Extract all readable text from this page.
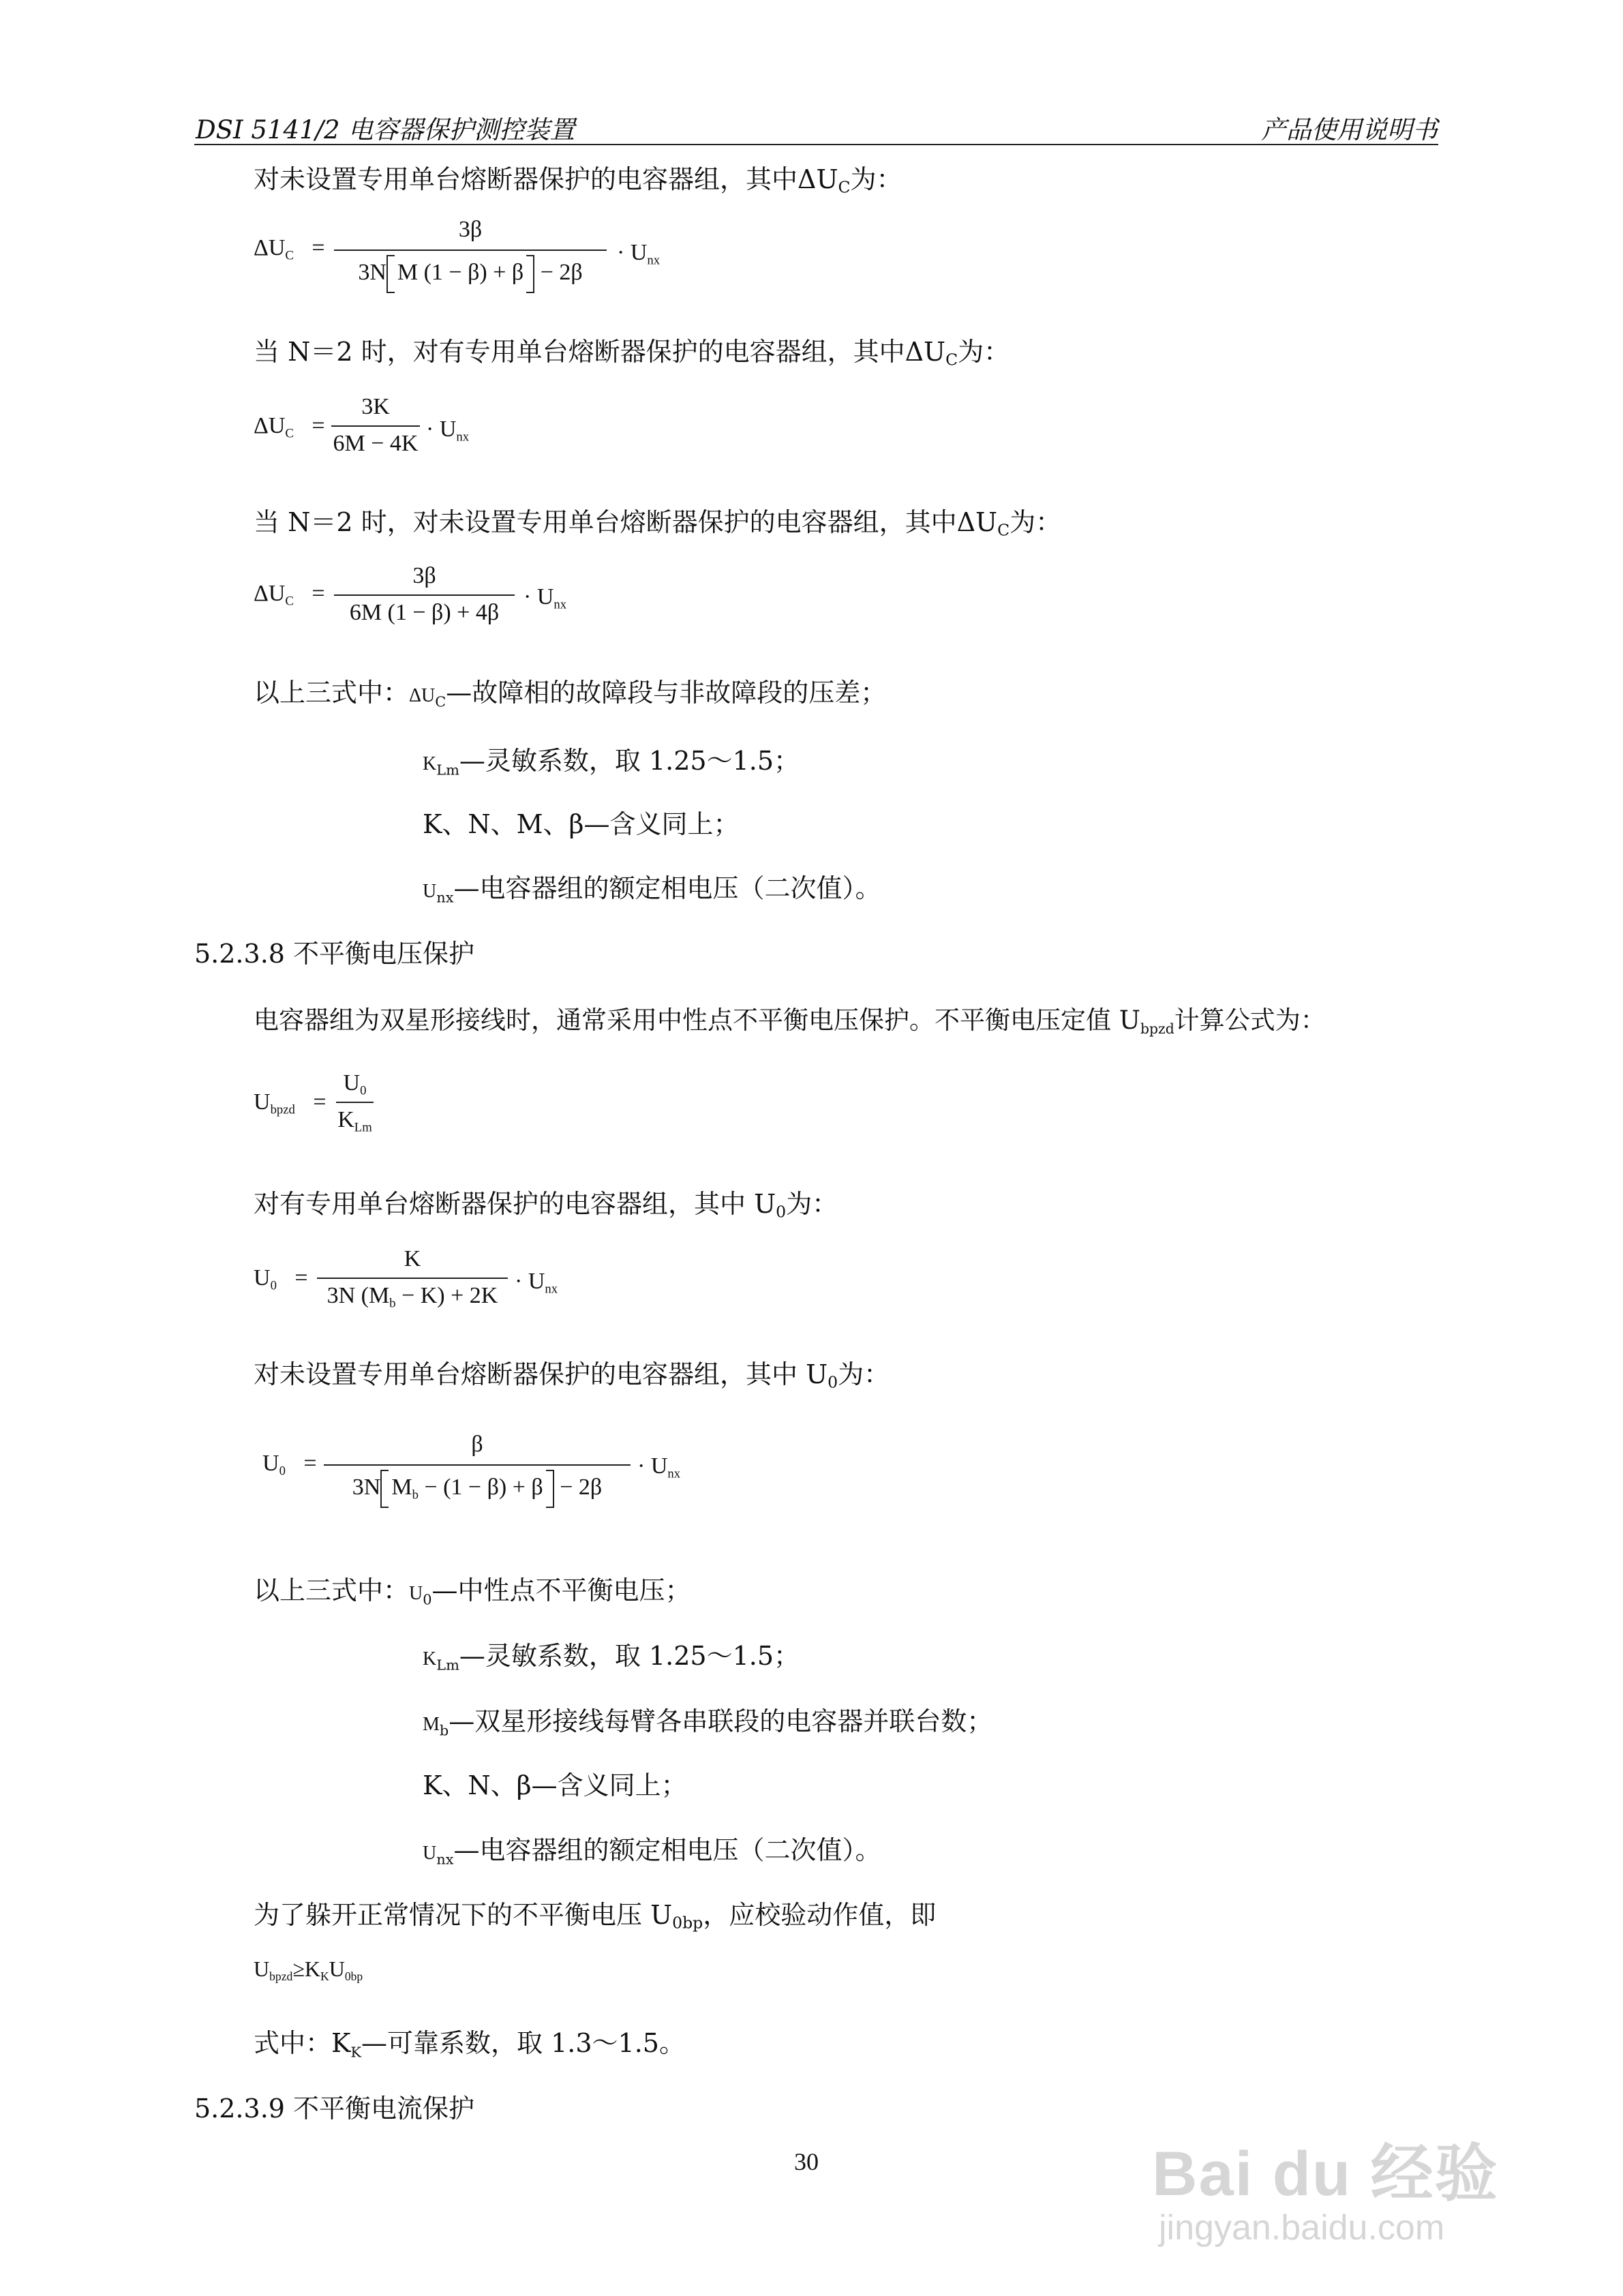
DSI 5141/2 电容器保护测控装置	产品使用说明书
对未设置专用单台熔断器保护的电容器组，其中$\Delta U_C$为：
ΔUC =
3β
3N M (1 − β) + β − 2β
· Unx
当 N＝2 时，对有专用单台熔断器保护的电容器组，其中$\Delta U_C$为：
ΔUC =
3K
6M − 4K
· Unx
当 N＝2 时，对未设置专用单台熔断器保护的电容器组，其中$\Delta U_C$为：
ΔUC =
3β
6M (1 − β) + 4β
· Unx
以上三式中：ΔUC—故障相的故障段与非故障段的压差；
KLm—灵敏系数，取 1.25～1.5；
K、N、M、β—含义同上；
Unx—电容器组的额定相电压（二次值）。
5.2.3.8 不平衡电压保护
电容器组为双星形接线时，通常采用中性点不平衡电压保护。不平衡电压定值 Ubpzd计算公式为：
Ubpzd =
U0
KLm
对有专用单台熔断器保护的电容器组，其中 $U_0$为：
U0 =
K
3N (Mb − K) + 2K
· Unx
对未设置专用单台熔断器保护的电容器组，其中 $U_0$为：
U0 =
β
3N Mb − (1 − β) + β − 2β
· Unx
以上三式中：U0—中性点不平衡电压；
KLm—灵敏系数，取 1.25～1.5；
Mb—双星形接线每臂各串联段的电容器并联台数；
K、N、β—含义同上；
Unx—电容器组的额定相电压（二次值）。
为了躲开正常情况下的不平衡电压 $U_{0bp}$，应校验动作值，即
Ubpzd≥KKU0bp
式中：KK—可靠系数，取 1.3～1.5。
5.2.3.9 不平衡电流保护
30	Bai du 经验
jingyan.baidu.com
